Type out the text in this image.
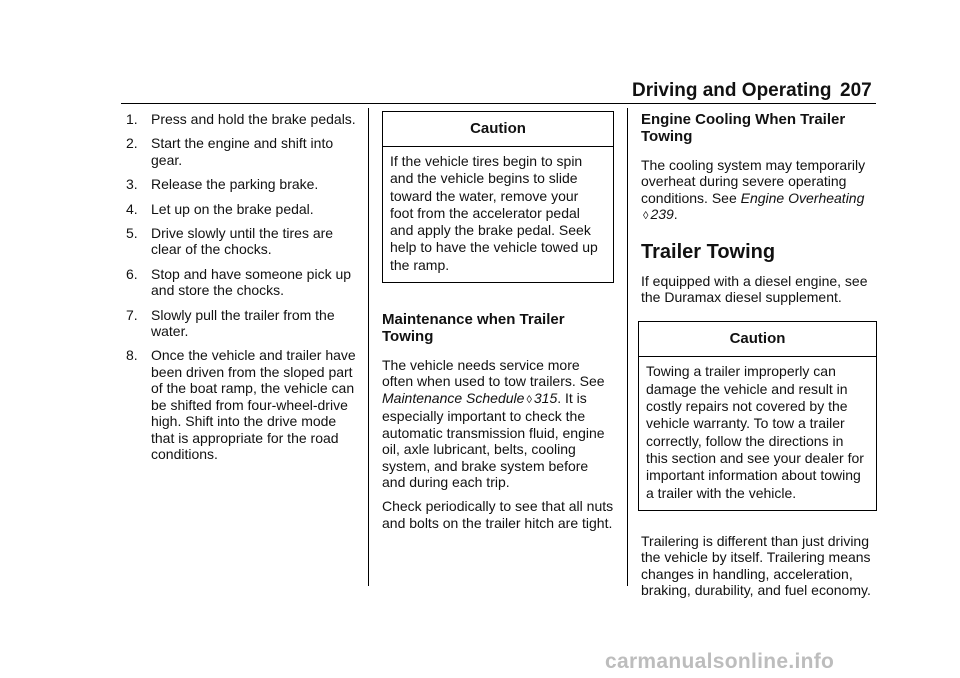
Driving and Operating 207
1. Press and hold the brake pedals.
2. Start the engine and shift into gear.
3. Release the parking brake.
4. Let up on the brake pedal.
5. Drive slowly until the tires are clear of the chocks.
6. Stop and have someone pick up and store the chocks.
7. Slowly pull the trailer from the water.
8. Once the vehicle and trailer have been driven from the sloped part of the boat ramp, the vehicle can be shifted from four-wheel-drive high. Shift into the drive mode that is appropriate for the road conditions.
Caution
If the vehicle tires begin to spin and the vehicle begins to slide toward the water, remove your foot from the accelerator pedal and apply the brake pedal. Seek help to have the vehicle towed up the ramp.
Maintenance when Trailer Towing

The vehicle needs service more often when used to tow trailers. See Maintenance Schedule ◊ 315. It is especially important to check the automatic transmission fluid, engine oil, axle lubricant, belts, cooling system, and brake system before and during each trip.

Check periodically to see that all nuts and bolts on the trailer hitch are tight.

Engine Cooling When Trailer Towing

The cooling system may temporarily overheat during severe operating conditions. See Engine Overheating
◊ 239.

Trailer Towing

If equipped with a diesel engine, see the Duramax diesel supplement.

Caution
Towing a trailer improperly can damage the vehicle and result in costly repairs not covered by the vehicle warranty. To tow a trailer correctly, follow the directions in this section and see your dealer for important information about towing a trailer with the vehicle.

Trailering is different than just driving the vehicle by itself. Trailering means changes in handling, acceleration, braking, durability, and fuel economy.

carmanualsonline.info
